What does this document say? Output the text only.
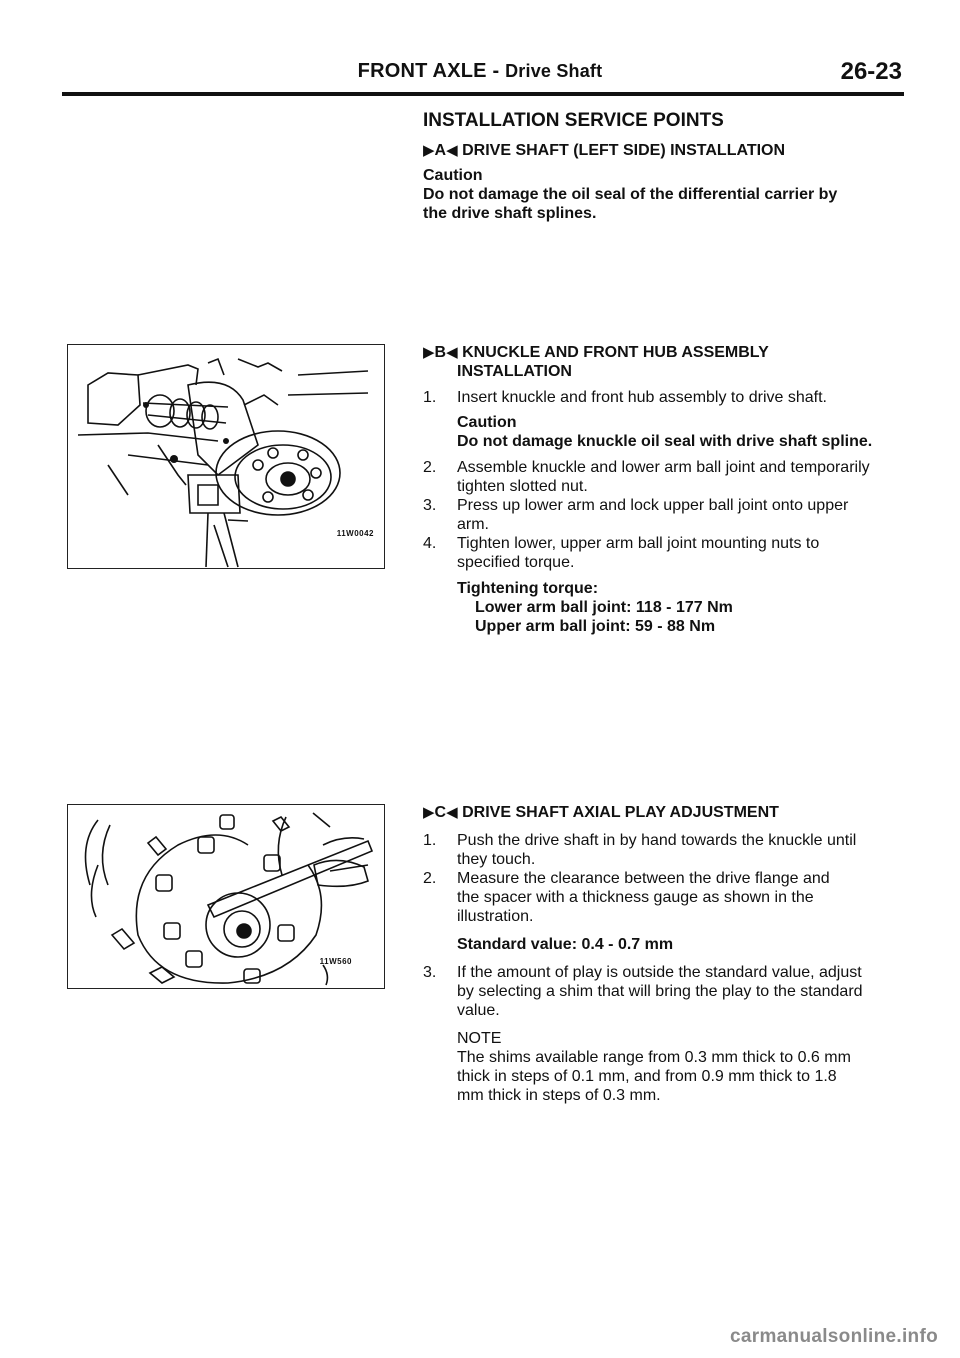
FRONT AXLE - Drive Shaft	26-23
INSTALLATION SERVICE POINTS

▶A◀ DRIVE SHAFT (LEFT SIDE) INSTALLATION

Caution

Do not damage the oil seal of the differential carrier by

the drive shaft splines.

11W0042

▶B◀ KNUCKLE AND FRONT HUB ASSEMBLY

INSTALLATION

1. Insert knuckle and front hub assembly to drive shaft.

Caution

Do not damage knuckle oil seal with drive shaft spline.

2. Assemble knuckle and lower arm ball joint and temporarily

tighten slotted nut.

3. Press up lower arm and lock upper ball joint onto upper

arm.

4. Tighten lower, upper arm ball joint mounting nuts to

specified torque.

Tightening torque:

Lower arm ball joint: 118 - 177 Nm

Upper arm ball joint: 59 - 88 Nm

11W560

▶C◀ DRIVE SHAFT AXIAL PLAY ADJUSTMENT

1. Push the drive shaft in by hand towards the knuckle until

they touch.

2. Measure the clearance between the drive flange and

the spacer with a thickness gauge as shown in the

illustration.

Standard value: 0.4 - 0.7 mm

3. If the amount of play is outside the standard value, adjust

by selecting a shim that will bring the play to the standard

value.

NOTE

The shims available range from 0.3 mm thick to 0.6 mm

thick in steps of 0.1 mm, and from 0.9 mm thick to 1.8

mm thick in steps of 0.3 mm.

carmanualsonline.info
